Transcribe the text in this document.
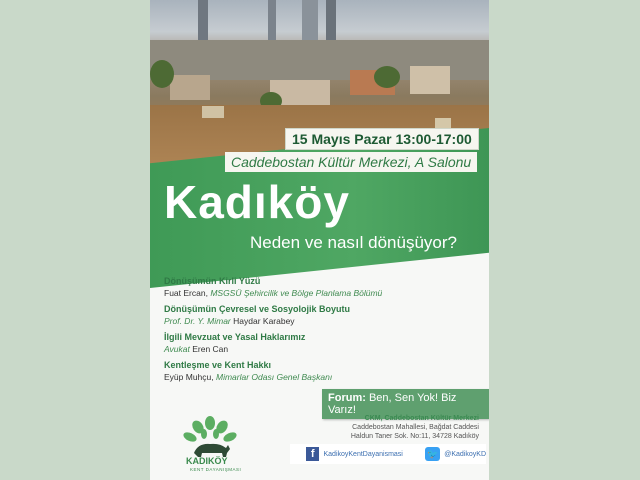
15 Mayıs Pazar 13:00-17:00
Caddebostan Kültür Merkezi, A Salonu
Kadıköy
Neden ve nasıl dönüşüyor?
Dönüşümün Kirli Yüzü
Fuat Ercan, MSGSÜ Şehircilik ve Bölge Planlama Bölümü
Dönüşümün Çevresel ve Sosyolojik Boyutu
Prof. Dr. Y. Mimar Haydar Karabey
İlgili Mevzuat ve Yasal Haklarımız
Avukat Eren Can
Kentleşme ve Kent Hakkı
Eyüp Muhçu, Mimarlar Odası Genel Başkanı
Forum: Ben, Sen Yok! Biz Varız!
CKM, Caddebostan Kültür Merkezi
Caddebostan Mahallesi, Bağdat Caddesi
Haldun Taner Sok. No:11, 34728 Kadıköy
KADIKÖY
KENT DAYANIŞMASI
f	KadikoyKentDayanismasi	🐦 @KadikoyKD
